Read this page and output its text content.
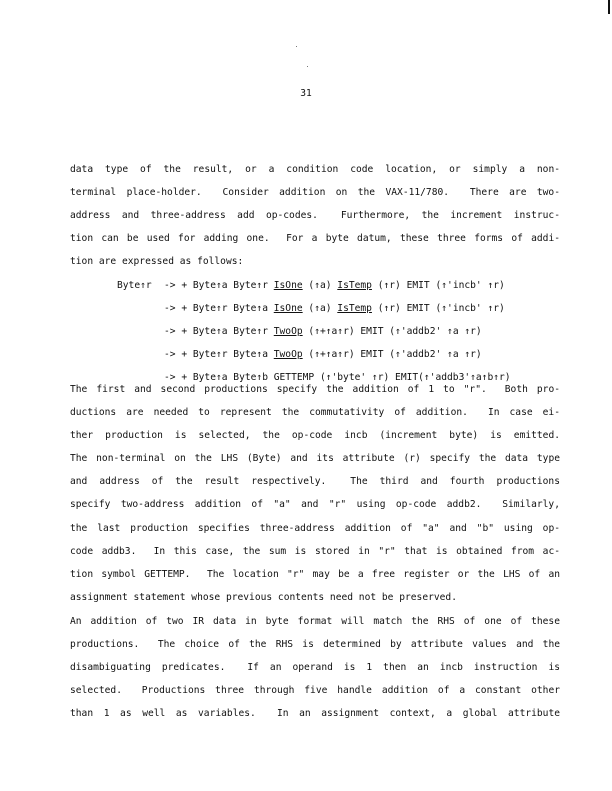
31
data type of the result, or a condition code location, or simply a non-
terminal place-holder.  Consider addition on the VAX-11/780.  There are two-
address and three-address add op-codes.  Furthermore, the increment instruc-
tion can be used for adding one.  For a byte datum, these three forms of addi-
tion are expressed as follows:
Byte↑r -> + Byte↑a Byte↑r IsOne (↑a) IsTemp (↑r) EMIT (↑'incb' ↑r)
-> + Byte↑r Byte↑a IsOne (↑a) IsTemp (↑r) EMIT (↑'incb' ↑r)
-> + Byte↑a Byte↑r TwoOp (↑+↑a↑r) EMIT (↑'addb2' ↑a ↑r)
-> + Byte↑r Byte↑a TwoOp (↑+↑a↑r) EMIT (↑'addb2' ↑a ↑r)
-> + Byte↑a Byte↑b GETTEMP (↑'byte' ↑r) EMIT(↑'addb3'↑a↑b↑r)
The first and second productions specify the addition of 1 to "r".  Both pro-
ductions are needed to represent the commutativity of addition.  In case ei-
ther production is selected, the op-code incb (increment byte) is emitted.
The non-terminal on the LHS (Byte) and its attribute (r) specify the data type
and address of the result respectively.  The third and fourth productions
specify two-address addition of "a" and "r" using op-code addb2.  Similarly,
the last production specifies three-address addition of "a" and "b" using op-
code addb3.  In this case, the sum is stored in "r" that is obtained from ac-
tion symbol GETTEMP.  The location "r" may be a free register or the LHS of an
assignment statement whose previous contents need not be preserved.
An addition of two IR data in byte format will match the RHS of one of these
productions.  The choice of the RHS is determined by attribute values and the
disambiguating predicates.  If an operand is 1 then an incb instruction is
selected.  Productions three through five handle addition of a constant other
than 1 as well as variables.  In an assignment context, a global attribute
